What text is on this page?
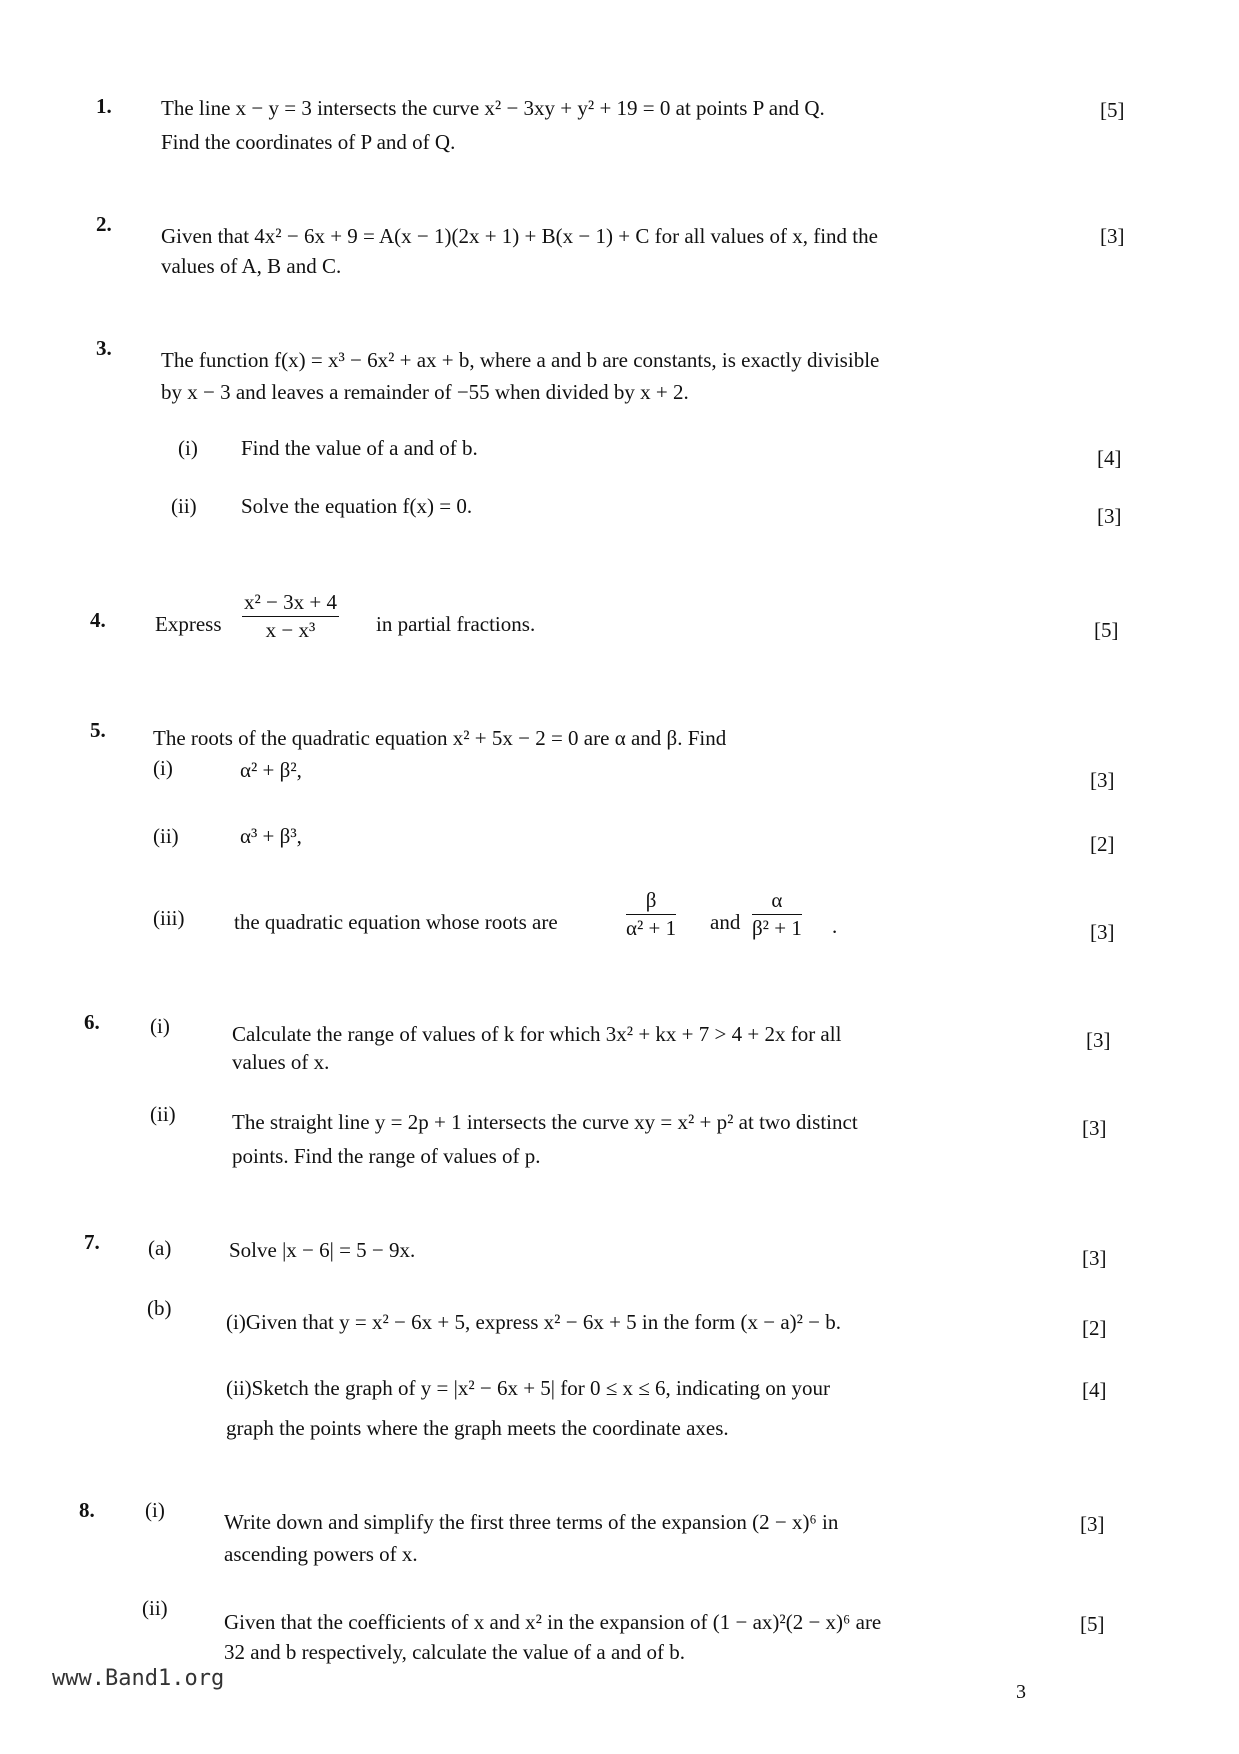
1. The line x − y = 3 intersects the curve x² − 3xy + y² + 19 = 0 at points P and Q.
Find the coordinates of P and of Q.
[5]
2. Given that 4x² − 6x + 9 = A(x − 1)(2x + 1) + B(x − 1) + C for all values of x, find the
values of A, B and C.
[3]
3. The function f(x) = x³ − 6x² + ax + b, where a and b are constants, is exactly divisible
by x − 3 and leaves a remainder of −55 when divided by x + 2.
(i) Find the value of a and of b.	[4]
(ii) Solve the equation f(x) = 0.	[3]
4. Express $\frac{\text{x² − 3x + 4}}{\text{x − x³}}$ in partial fractions.	[5]
5. The roots of the quadratic equation x² + 5x − 2 = 0 are α and β. Find
(i)	α² + β²,	[3]
(ii)	α³ + β³,	[2]
(iii) the quadratic equation whose roots are	$\frac{\beta}{\text{α² + 1}}$ and $\frac{\alpha}{\text{β² + 1}}$ .	[3]
6. (i)	Calculate the range of values of k for which 3x² + kx + 7 > 4 + 2x for all
values of x.
[3]
(ii)	The straight line y = 2p + 1 intersects the curve xy = x² + p² at two distinct
points. Find the range of values of p.
[3]
7. (a)	Solve |x − 6| = 5 − 9x.	[3]
(b)
(i)Given that y = x² − 6x + 5, express x² − 6x + 5 in the form (x − a)² − b.	[2]
(ii)Sketch the graph of y = |x² − 6x + 5| for 0 ≤ x ≤ 6, indicating on your
graph the points where the graph meets the coordinate axes.
[4]
8. (i)	Write down and simplify the first three terms of the expansion (2 − x)⁶ in
ascending powers of x.
[3]
(ii)
Given that the coefficients of x and x² in the expansion of (1 − ax)²(2 − x)⁶ are
32 and b respectively, calculate the value of a and of b.
[5]
www.Band1.org
3
